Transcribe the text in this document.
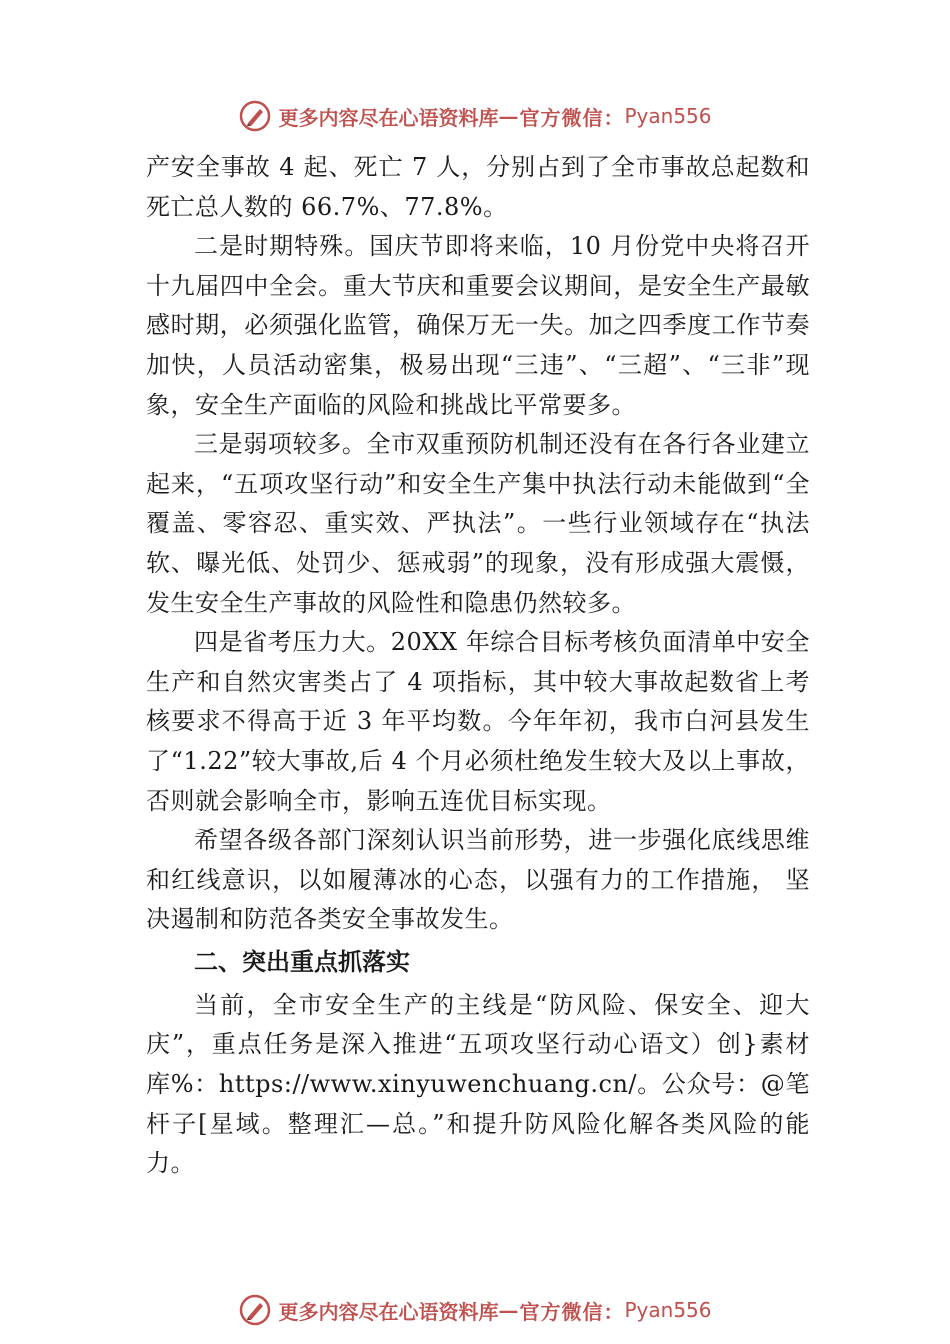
更多内容尽在心语资料库 — 官方微信： Pyan556

产安全事故 4 起、死亡 7 人，分别占到了全市事故总起数和死亡总人数的 66.7%、77.8%。

二是时期特殊。国庆节即将来临，10 月份党中央将召开十九届四中全会。重大节庆和重要会议期间，是安全生产最敏感时期，必须强化监管，确保万无一失。加之四季度工作节奏加快，人员活动密集，极易出现“三违”、“三超”、“三非”现象，安全生产面临的风险和挑战比平常要多。

三是弱项较多。全市双重预防机制还没有在各行各业建立起来，“五项攻坚行动”和安全生产集中执法行动未能做到“全覆盖、零容忍、重实效、严执法”。一些行业领域存在“执法软、曝光低、处罚少、惩戒弱”的现象，没有形成强大震慑，发生安全生产事故的风险性和隐患仍然较多。

四是省考压力大。20XX 年综合目标考核负面清单中安全生产和自然灾害类占了 4 项指标，其中较大事故起数省上考核要求不得高于近 3 年平均数。今年年初，我市白河县发生了“1.22”较大事故,后 4 个月必须杜绝发生较大及以上事故，否则就会影响全市，影响五连优目标实现。

希望各级各部门深刻认识当前形势，进一步强化底线思维和红线意识，以如履薄冰的心态，以强有力的工作措施， 坚决遏制和防范各类安全事故发生。

二、突出重点抓落实

当前，全市安全生产的主线是“防风险、保安全、迎大庆”，重点任务是深入推进“五项攻坚行动心语文）创}素材库%：https://www.xinyuwenchuang.cn/。公众号：@笔杆子[星域。整理汇—总。”和提升防风险化解各类风险的能力。

更多内容尽在心语资料库 — 官方微信： Pyan556
